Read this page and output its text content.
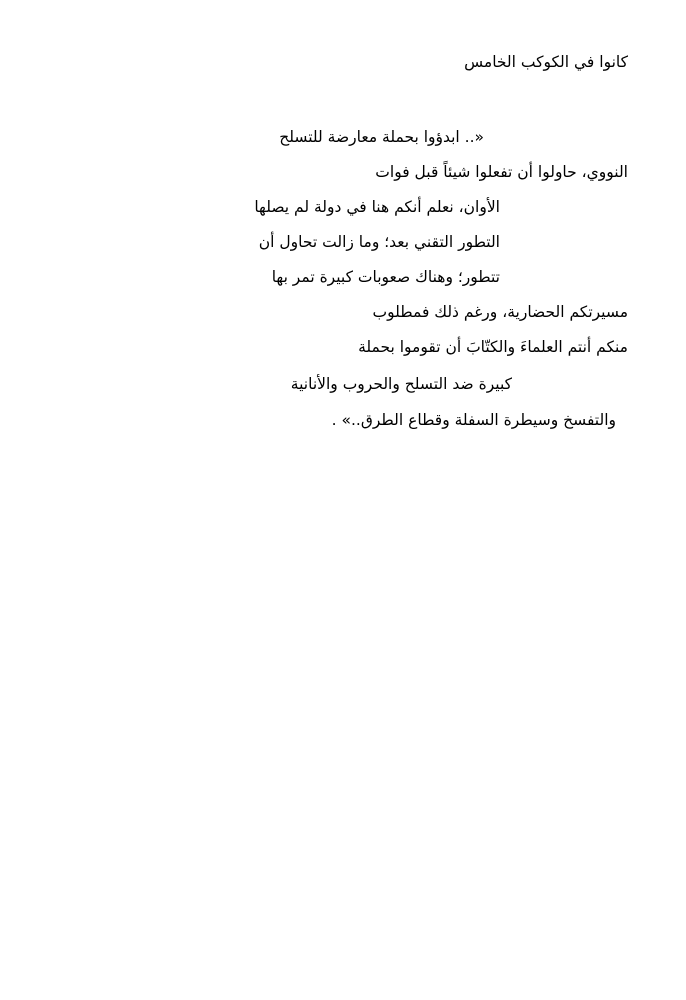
كانوا في الكوكب الخامس
«.. ابدؤوا بحملة معارضة للتسلح
النووي، حاولوا أن تفعلوا شيئاً قبل فوات
الأوان، نعلم أنكم هنا في دولة لم يصلها
التطور التقني بعد؛ وما زالت تحاول أن
تتطور؛ وهناك صعوبات كبيرة تمر بها
مسيرتكم الحضارية، ورغم ذلك فمطلوب
منكم أنتم العلماءَ والكتّابَ أن تقوموا بحملة
كبيرة ضد التسلح والحروب والأنانية
والتفسخ وسيطرة السفلة وقطاع الطرق..» .
